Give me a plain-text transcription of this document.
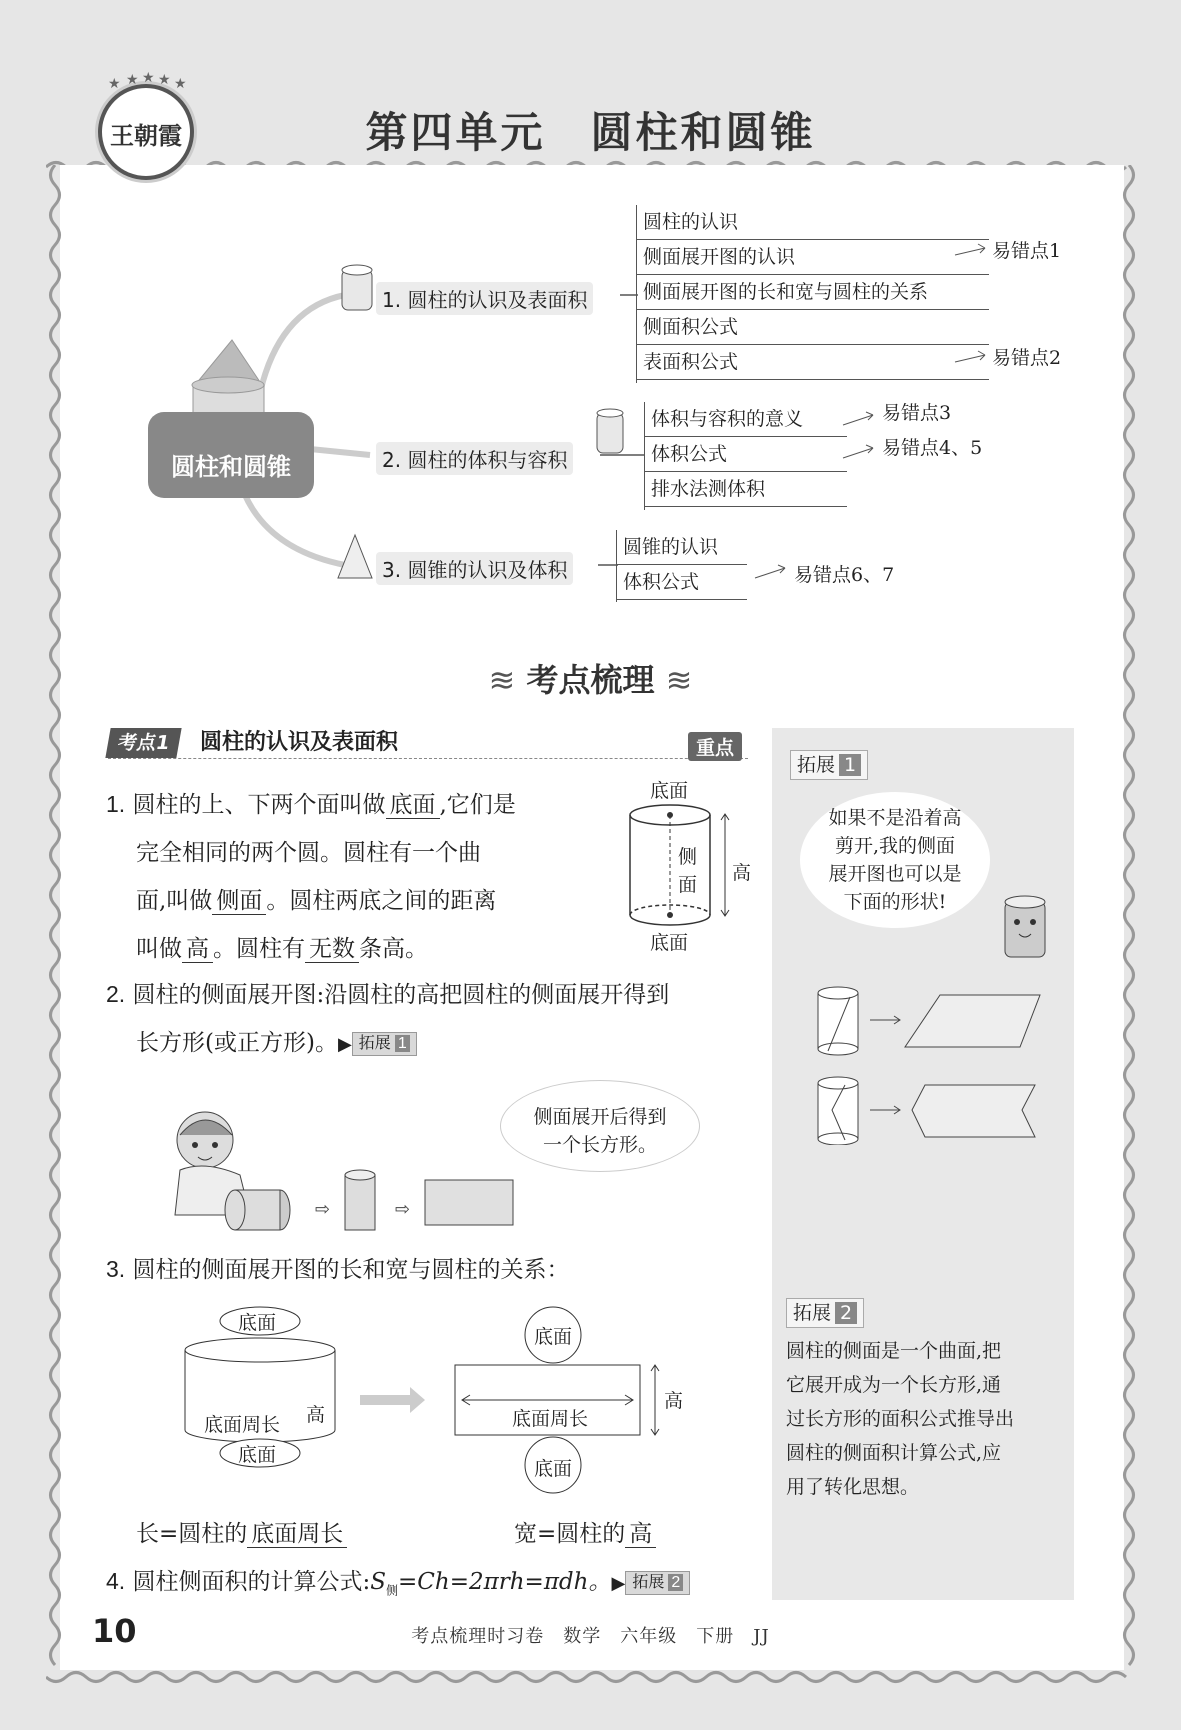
★ ★ ★ ★ ★
王朝霞	第四单元　圆柱和圆锥
圆柱和圆锥
1. 圆柱的认识及表面积
2. 圆柱的体积与容积
3. 圆锥的认识及体积
圆柱的认识
侧面展开图的认识
侧面展开图的长和宽与圆柱的关系
侧面积公式
表面积公式
易错点1
易错点2
体积与容积的意义
体积公式
排水法测体积
易错点3
易错点4、5
圆锥的认识
体积公式	易错点6、7
≋ 考点梳理 ≋
考点1	圆柱的认识及表面积	重点
1. 圆柱的上、下两个面叫做 底面 ,它们是
完全相同的两个圆。圆柱有一个曲
面,叫做 侧面 。圆柱两底之间的距离
叫做 高 。圆柱有 无数 条高。
底面
侧
面
高
底面
2. 圆柱的侧面展开图:沿圆柱的高把圆柱的侧面展开得到
长方形(或正方形)。▶ 拓展 1
⇨	⇨
侧面展开后得到
一个长方形。
3. 圆柱的侧面展开图的长和宽与圆柱的关系：
底面
底面周长
底面
高
底面
底面周长
高
底面
长=圆柱的 底面周长	宽=圆柱的 高
4. 圆柱侧面积的计算公式$:S_侧=Ch=2\pi rh=\pi dh$。▶ 拓展 2
拓展 1
如果不是沿着高
剪开,我的侧面
展开图也可以是
下面的形状!
拓展 2
圆柱的侧面是一个曲面,把
它展开成为一个长方形,通
过长方形的面积公式推导出
圆柱的侧面积计算公式,应
用了转化思想。
10	考点梳理时习卷　数学　六年级　下册　JJ
